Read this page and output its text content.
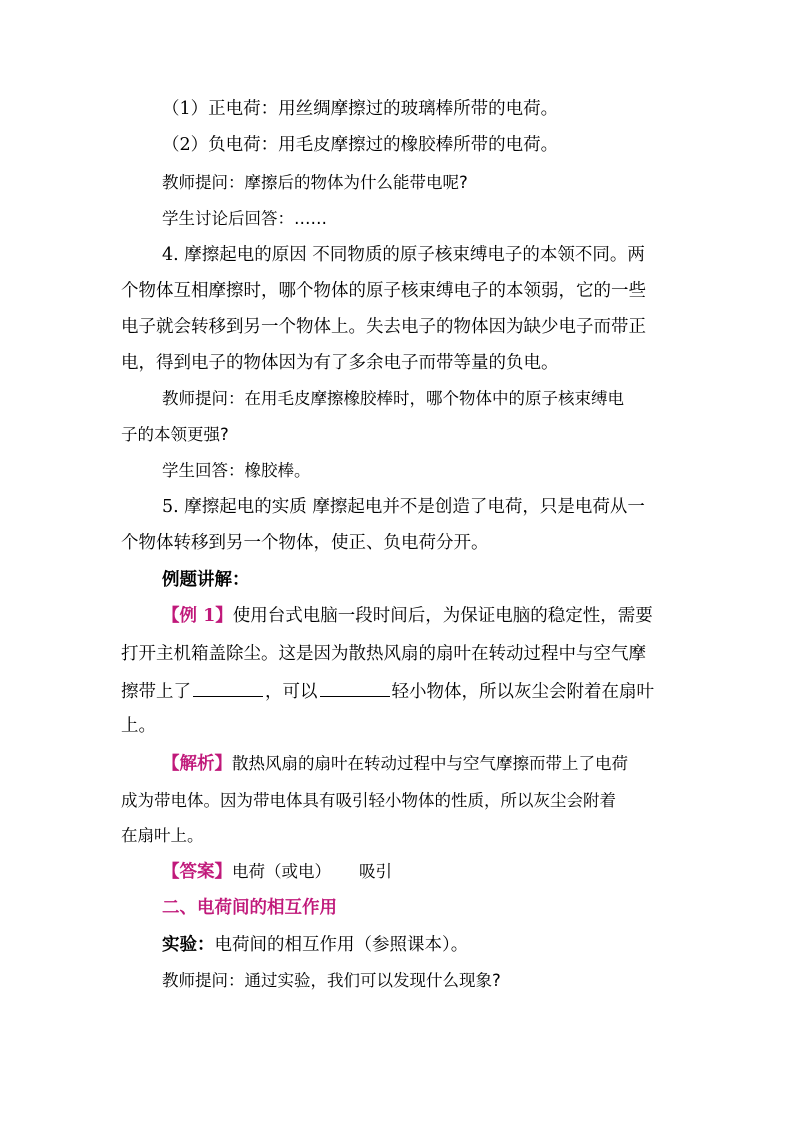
（1）正电荷：用丝绸摩擦过的玻璃棒所带的电荷。
（2）负电荷：用毛皮摩擦过的橡胶棒所带的电荷。
教师提问：摩擦后的物体为什么能带电呢?
学生讨论后回答：……
4. 摩擦起电的原因 不同物质的原子核束缚电子的本领不同。两
个物体互相摩擦时，哪个物体的原子核束缚电子的本领弱，它的一些
电子就会转移到另一个物体上。失去电子的物体因为缺少电子而带正
电，得到电子的物体因为有了多余电子而带等量的负电。
教师提问：在用毛皮摩擦橡胶棒时，哪个物体中的原子核束缚电
子的本领更强?
学生回答：橡胶棒。
5. 摩擦起电的实质 摩擦起电并不是创造了电荷，只是电荷从一
个物体转移到另一个物体，使正、负电荷分开。
例题讲解：
【例 1】使用台式电脑一段时间后，为保证电脑的稳定性，需要
打开主机箱盖除尘。这是因为散热风扇的扇叶在转动过程中与空气摩
擦带上了	，可以	轻小物体，所以灰尘会附着在扇叶
上。
【解析】散热风扇的扇叶在转动过程中与空气摩擦而带上了电荷
成为带电体。因为带电体具有吸引轻小物体的性质，所以灰尘会附着
在扇叶上。
【答案】电荷（或电） 吸引
二、电荷间的相互作用
实验：电荷间的相互作用（参照课本）。
教师提问：通过实验，我们可以发现什么现象?
